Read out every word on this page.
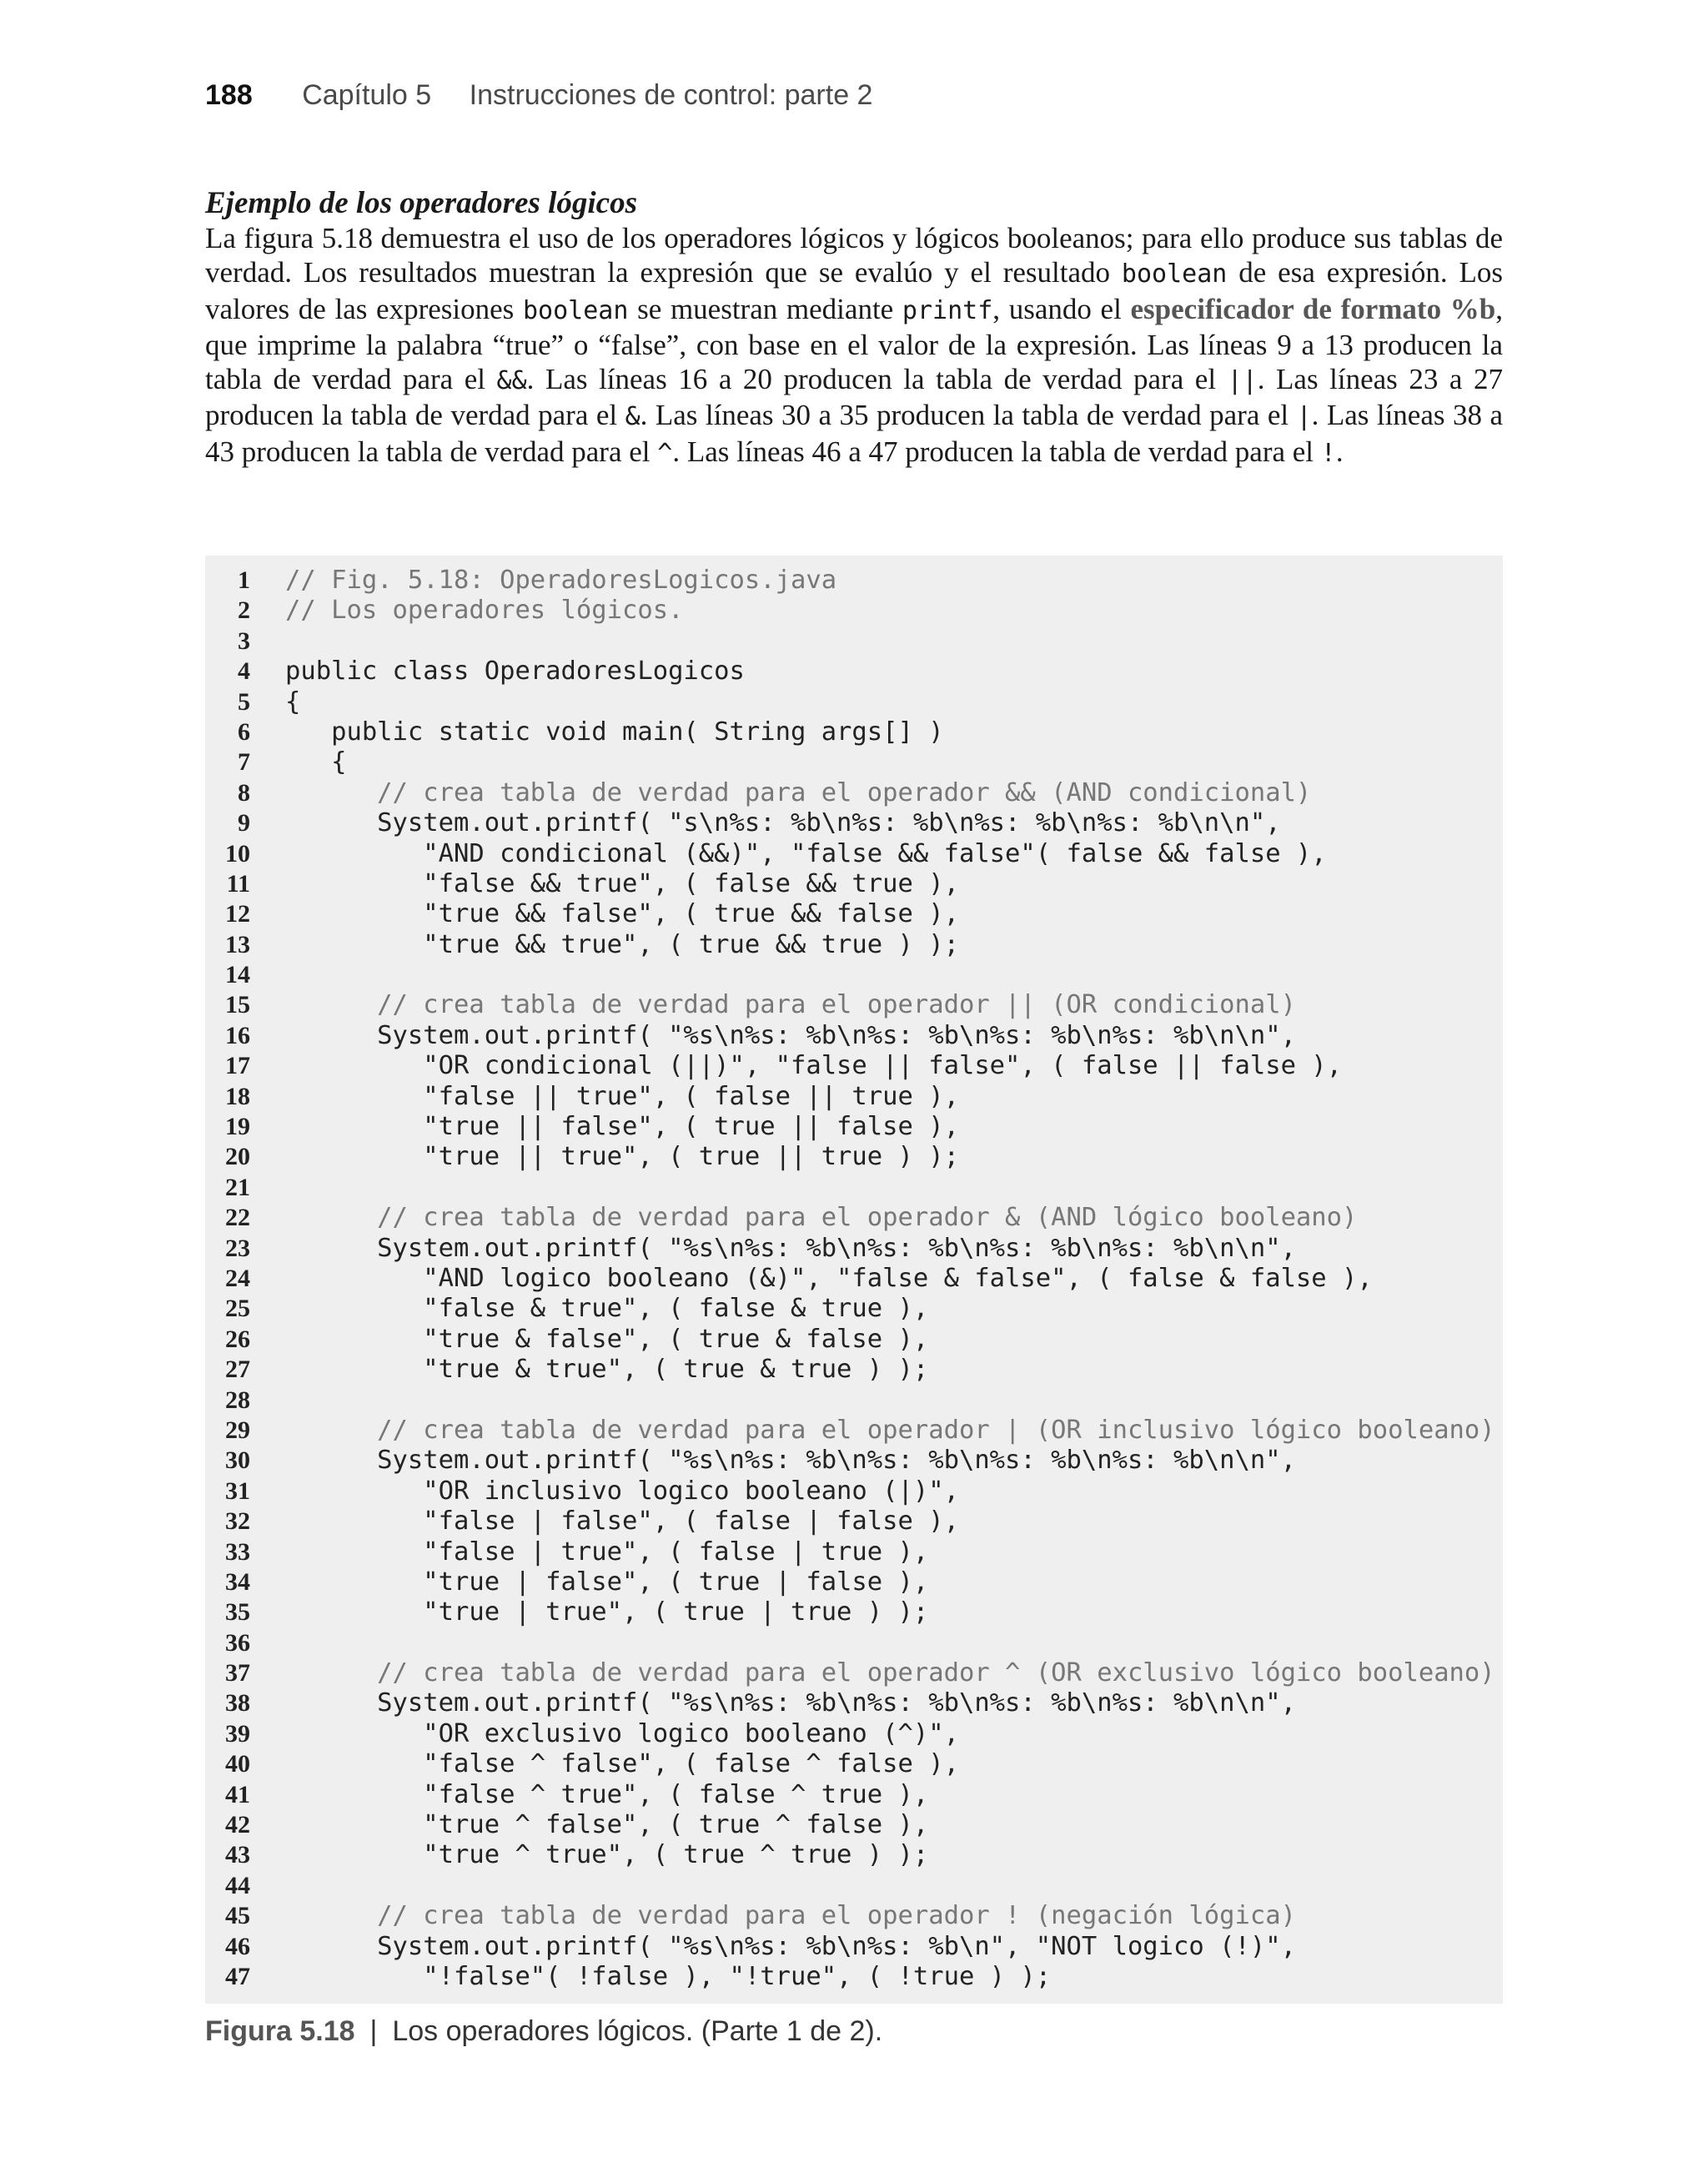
188 Capítulo 5 Instrucciones de control: parte 2
Ejemplo de los operadores lógicos
La figura 5.18 demuestra el uso de los operadores lógicos y lógicos booleanos; para ello produce sus tablas de verdad. Los resultados muestran la expresión que se evalúo y el resultado boolean de esa expresión. Los valores de las expresiones boolean se muestran mediante printf, usando el especificador de formato %b, que imprime la palabra “true” o “false”, con base en el valor de la expresión. Las líneas 9 a 13 producen la tabla de verdad para el &&. Las líneas 16 a 20 producen la tabla de verdad para el ||. Las líneas 23 a 27 producen la tabla de verdad para el &. Las líneas 30 a 35 producen la tabla de verdad para el |. Las líneas 38 a 43 producen la tabla de verdad para el ^. Las líneas 46 a 47 producen la tabla de verdad para el !.
1 // Fig. 5.18: OperadoresLogicos.java
2 // Los operadores lógicos.
3
4 public class OperadoresLogicos
5 {
6 public static void main( String args[] )
7 {
8 // crea tabla de verdad para el operador && (AND condicional)
9 System.out.printf( "s\n%s: %b\n%s: %b\n%s: %b\n%s: %b\n\n",
10 "AND condicional (&&)", "false && false"( false && false ),
11 "false && true", ( false && true ),
12 "true && false", ( true && false ),
13 "true && true", ( true && true ) );
14
15 // crea tabla de verdad para el operador || (OR condicional)
16 System.out.printf( "%s\n%s: %b\n%s: %b\n%s: %b\n%s: %b\n\n",
17 "OR condicional (||)", "false || false", ( false || false ),
18 "false || true", ( false || true ),
19 "true || false", ( true || false ),
20 "true || true", ( true || true ) );
21
22 // crea tabla de verdad para el operador & (AND lógico booleano)
23 System.out.printf( "%s\n%s: %b\n%s: %b\n%s: %b\n%s: %b\n\n",
24 "AND logico booleano (&)", "false & false", ( false & false ),
25 "false & true", ( false & true ),
26 "true & false", ( true & false ),
27 "true & true", ( true & true ) );
28
29 // crea tabla de verdad para el operador | (OR inclusivo lógico booleano)
30 System.out.printf( "%s\n%s: %b\n%s: %b\n%s: %b\n%s: %b\n\n",
31 "OR inclusivo logico booleano (|)",
32 "false | false", ( false | false ),
33 "false | true", ( false | true ),
34 "true | false", ( true | false ),
35 "true | true", ( true | true ) );
36
37 // crea tabla de verdad para el operador ^ (OR exclusivo lógico booleano)
38 System.out.printf( "%s\n%s: %b\n%s: %b\n%s: %b\n%s: %b\n\n",
39 "OR exclusivo logico booleano (^)",
40 "false ^ false", ( false ^ false ),
41 "false ^ true", ( false ^ true ),
42 "true ^ false", ( true ^ false ),
43 "true ^ true", ( true ^ true ) );
44
45 // crea tabla de verdad para el operador ! (negación lógica)
46 System.out.printf( "%s\n%s: %b\n%s: %b\n", "NOT logico (!)",
47 "!false"( !false ), "!true", ( !true ) );
Figura 5.18 | Los operadores lógicos. (Parte 1 de 2).
